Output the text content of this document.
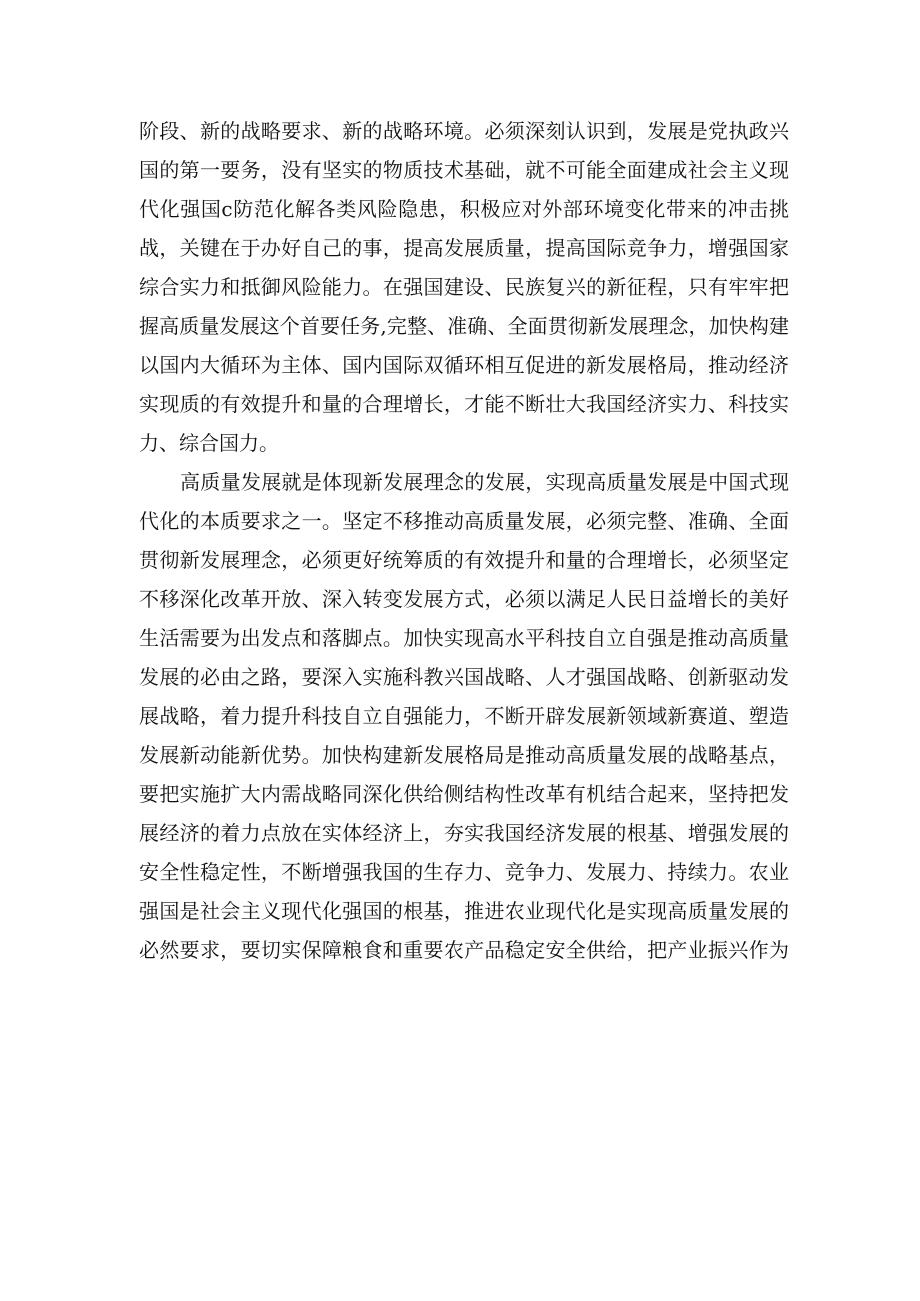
阶段、新的战略要求、新的战略环境。必须深刻认识到，发展是党执政兴
国的第一要务，没有坚实的物质技术基础，就不可能全面建成社会主义现
代化强国c防范化解各类风险隐患，积极应对外部环境变化带来的冲击挑
战，关键在于办好自己的事，提高发展质量，提高国际竞争力，增强国家
综合实力和抵御风险能力。在强国建设、民族复兴的新征程，只有牢牢把
握高质量发展这个首要任务,完整、准确、全面贯彻新发展理念，加快构建
以国内大循环为主体、国内国际双循环相互促进的新发展格局，推动经济
实现质的有效提升和量的合理增长，才能不断壮大我国经济实力、科技实
力、综合国力。
高质量发展就是体现新发展理念的发展，实现高质量发展是中国式现
代化的本质要求之一。坚定不移推动高质量发展，必须完整、准确、全面
贯彻新发展理念，必须更好统筹质的有效提升和量的合理增长，必须坚定
不移深化改革开放、深入转变发展方式，必须以满足人民日益增长的美好
生活需要为出发点和落脚点。加快实现高水平科技自立自强是推动高质量
发展的必由之路，要深入实施科教兴国战略、人才强国战略、创新驱动发
展战略，着力提升科技自立自强能力，不断开辟发展新领域新赛道、塑造
发展新动能新优势。加快构建新发展格局是推动高质量发展的战略基点，
要把实施扩大内需战略同深化供给侧结构性改革有机结合起来，坚持把发
展经济的着力点放在实体经济上，夯实我国经济发展的根基、增强发展的
安全性稳定性，不断增强我国的生存力、竞争力、发展力、持续力。农业
强国是社会主义现代化强国的根基，推进农业现代化是实现高质量发展的
必然要求，要切实保障粮食和重要农产品稳定安全供给，把产业振兴作为
